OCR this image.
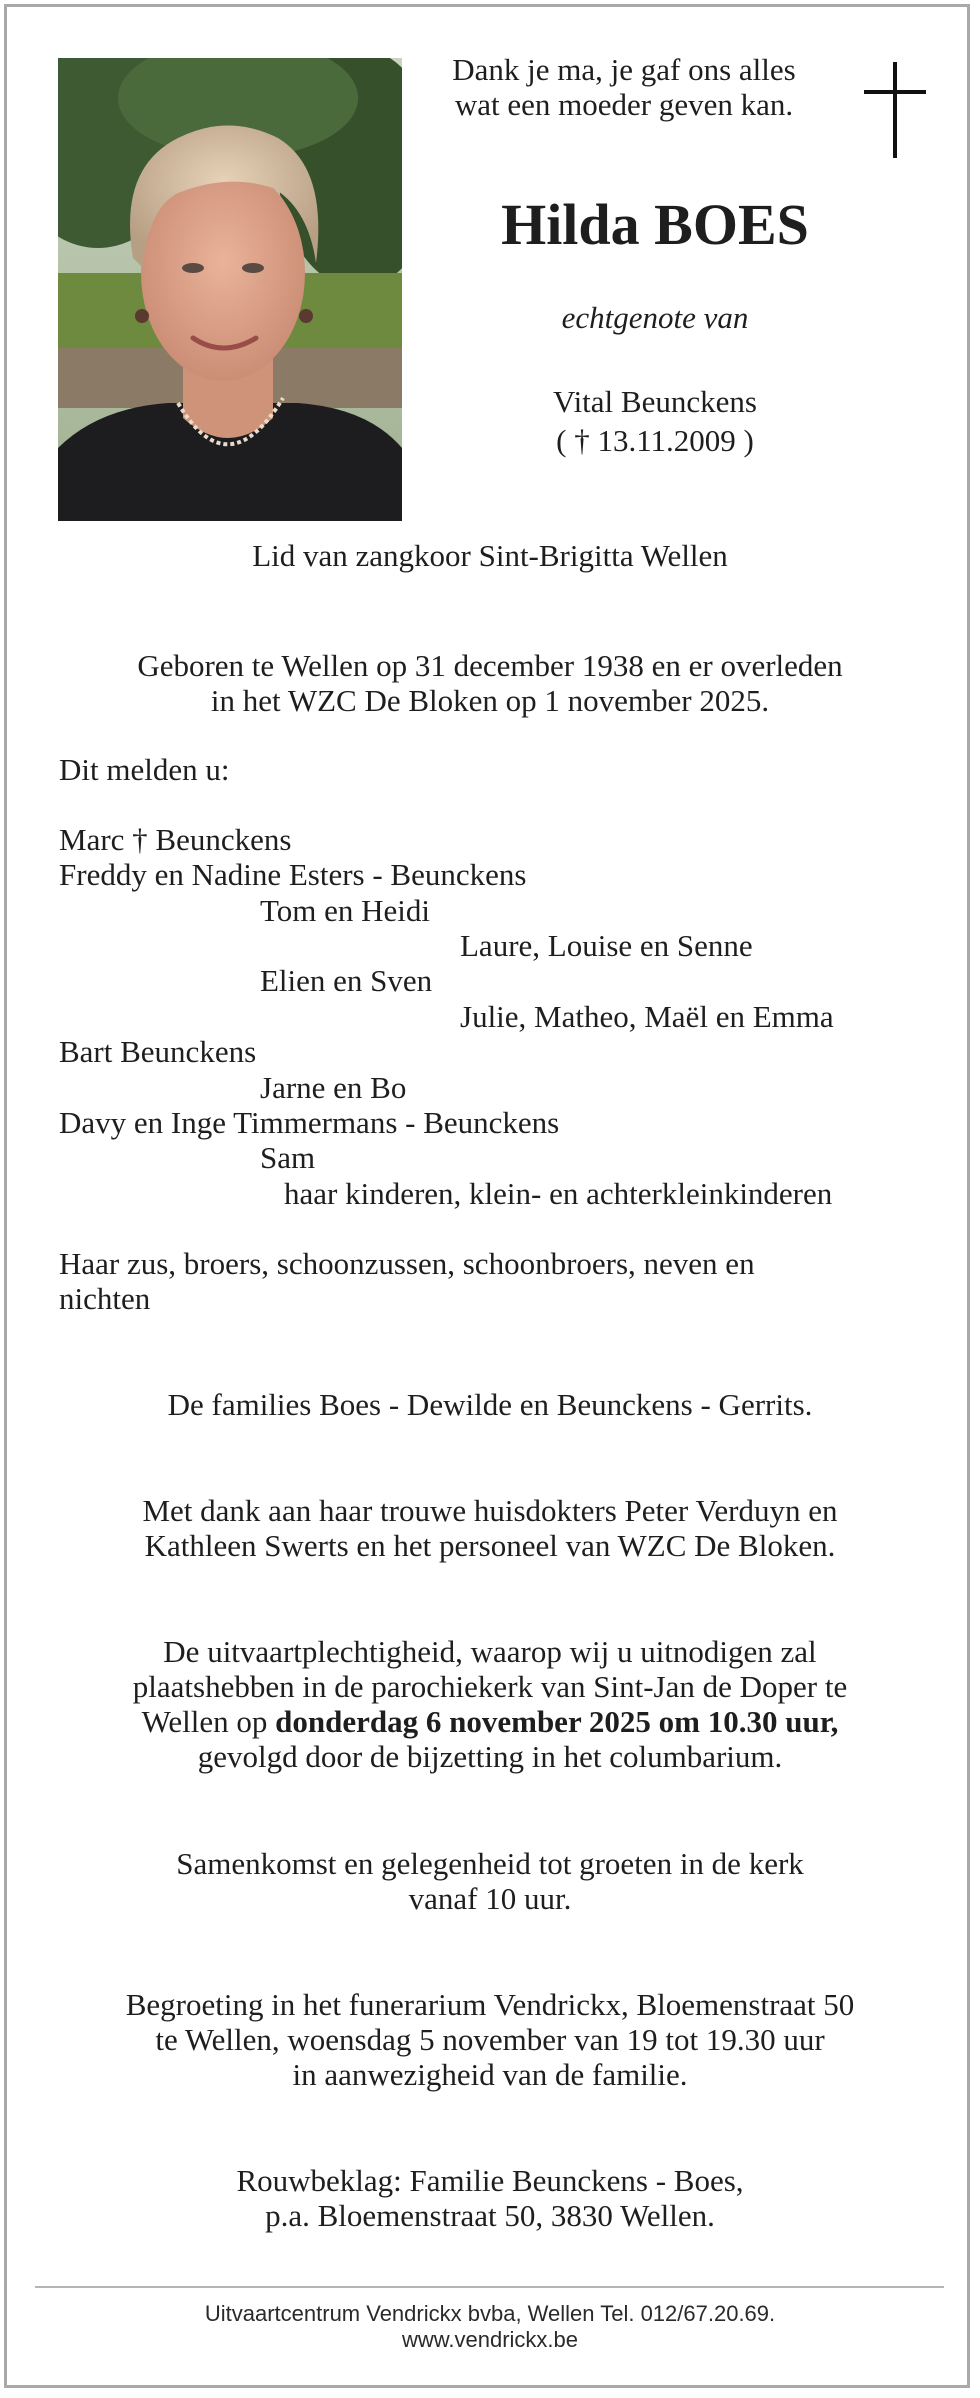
Dank je ma, je gaf ons alles
wat een moeder geven kan.
Hilda BOES
echtgenote van
Vital Beunckens
( † 13.11.2009 )
Lid van zangkoor Sint-Brigitta Wellen
Geboren te Wellen op 31 december 1938 en er overleden
in het WZC De Bloken op 1 november 2025.
Dit melden u:
Marc † Beunckens
Freddy en Nadine Esters - Beunckens
Tom en Heidi
Laure, Louise en Senne
Elien en Sven
Julie, Matheo, Maël en Emma
Bart Beunckens
Jarne en Bo
Davy en Inge Timmermans - Beunckens
Sam
haar kinderen, klein- en achterkleinkinderen
Haar zus, broers, schoonzussen, schoonbroers, neven en
nichten
De families Boes - Dewilde en Beunckens - Gerrits.
Met dank aan haar trouwe huisdokters Peter Verduyn en
Kathleen Swerts en het personeel van WZC De Bloken.
De uitvaartplechtigheid, waarop wij u uitnodigen zal
plaatshebben in de parochiekerk van Sint-Jan de Doper te
Wellen op donderdag 6 november 2025 om 10.30 uur,
gevolgd door de bijzetting in het columbarium.
Samenkomst en gelegenheid tot groeten in de kerk
vanaf 10 uur.
Begroeting in het funerarium Vendrickx, Bloemenstraat 50
te Wellen, woensdag 5 november van 19 tot 19.30 uur
in aanwezigheid van de familie.
Rouwbeklag: Familie Beunckens - Boes,
p.a. Bloemenstraat 50, 3830 Wellen.
Uitvaartcentrum Vendrickx bvba, Wellen Tel. 012/67.20.69.
www.vendrickx.be
